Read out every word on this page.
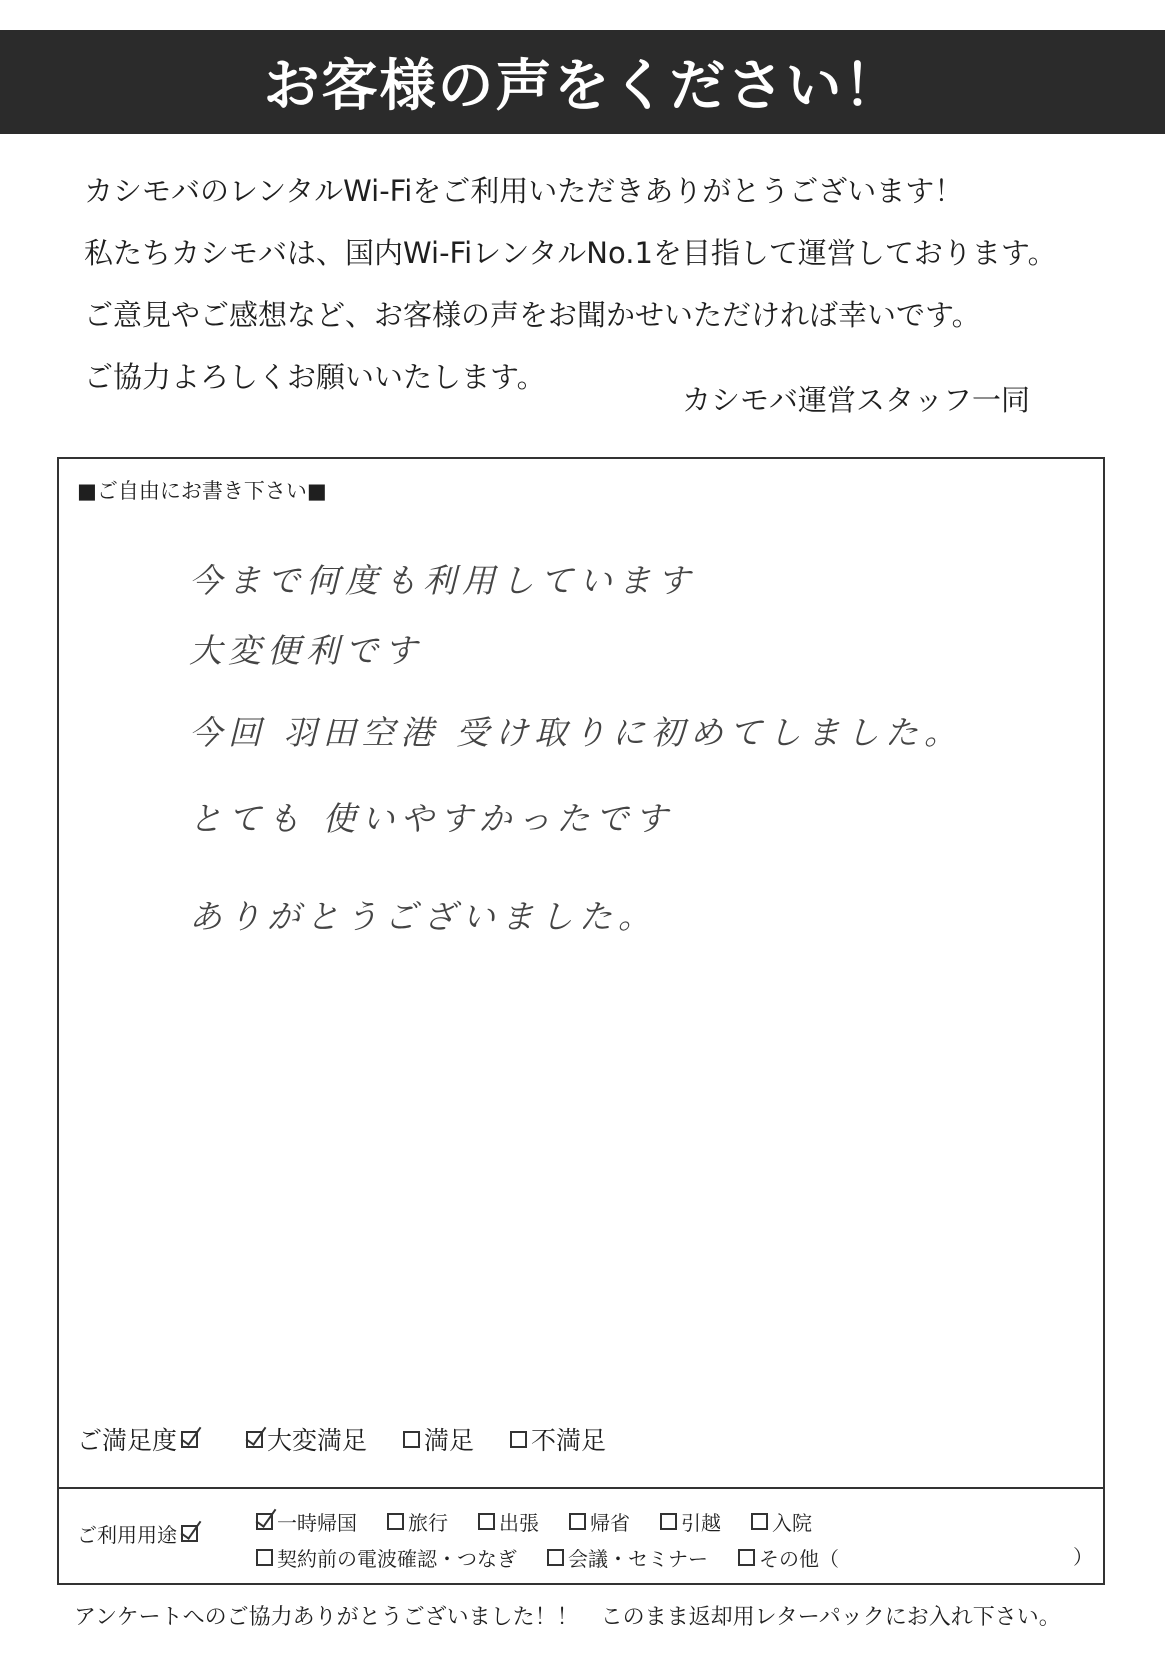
お客様の声をください！
カシモバのレンタルWi-Fiをご利用いただきありがとうございます！
私たちカシモバは、国内Wi-FiレンタルNo.1を目指して運営しております。
ご意見やご感想など、お客様の声をお聞かせいただければ幸いです。
ご協力よろしくお願いいたします。
カシモバ運営スタッフ一同
■ご自由にお書き下さい■
今まで何度も利用しています
大変便利です
今回 羽田空港 受け取りに初めてしました。
とても 使いやすかったです
ありがとうございました。
ご満足度	大変満足 満足 不満足
ご利用用途	一時帰国	旅行	出張	帰省	引越	入院
契約前の電波確認・つなぎ	会議・セミナー	その他（	）
アンケートへのご協力ありがとうございました！！　このまま返却用レターパックにお入れ下さい。
